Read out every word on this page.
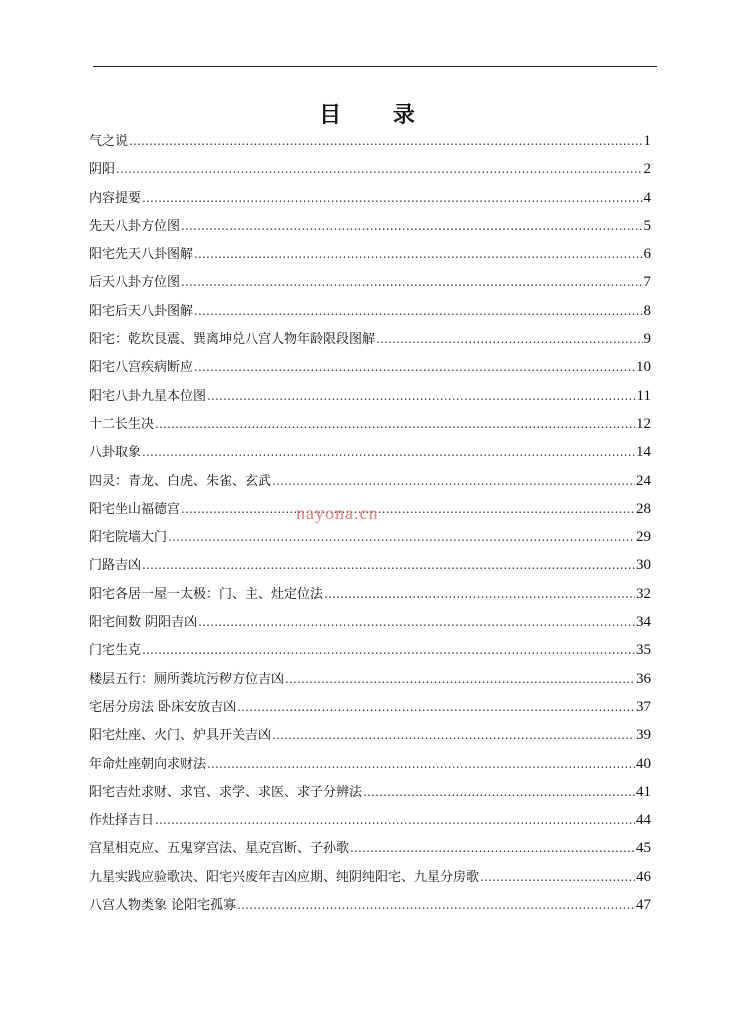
目 录
气之说 .....	1
阴阳 .....	2
内容提要 .....	4
先天八卦方位图 .....	5
阳宅先天八卦图解 .....	6
后天八卦方位图 .....	7
阳宅后天八卦图解 .....	8
阳宅：乾坎艮震、巽离坤兑八宫人物年龄限段图解 .....	9
阳宅八宫疾病断应 .....	10
阳宅八卦九星本位图 .....	11
十二长生决 .....	12
八卦取象 .....	14
四灵：青龙、白虎、朱雀、玄武 .....	24
阳宅坐山福德宫 .....	28
阳宅院墙大门 .....	29
门路吉凶 .....	30
阳宅各居一屋一太极：门、主、灶定位法 .....	32
阳宅间数 阴阳吉凶 .....	34
门宅生克 .....	35
楼层五行：厕所粪坑污秽方位吉凶 .....	36
宅居分房法 卧床安放吉凶 .....	37
阳宅灶座、火门、炉具开关吉凶 .....	39
年命灶座朝向求财法 .....	40
阳宅吉灶求财、求官、求学、求医、求子分辨法 .....	41
作灶择吉日 .....	44
宫星相克应、五鬼穿宫法、星克宫断、子孙歌 .....	45
九星实践应验歌决、阳宅兴废年吉凶应期、纯阴纯阳宅、九星分房歌 .....	46
八宫人物类象 论阳宅孤寡 .....	47
nayona.cn
